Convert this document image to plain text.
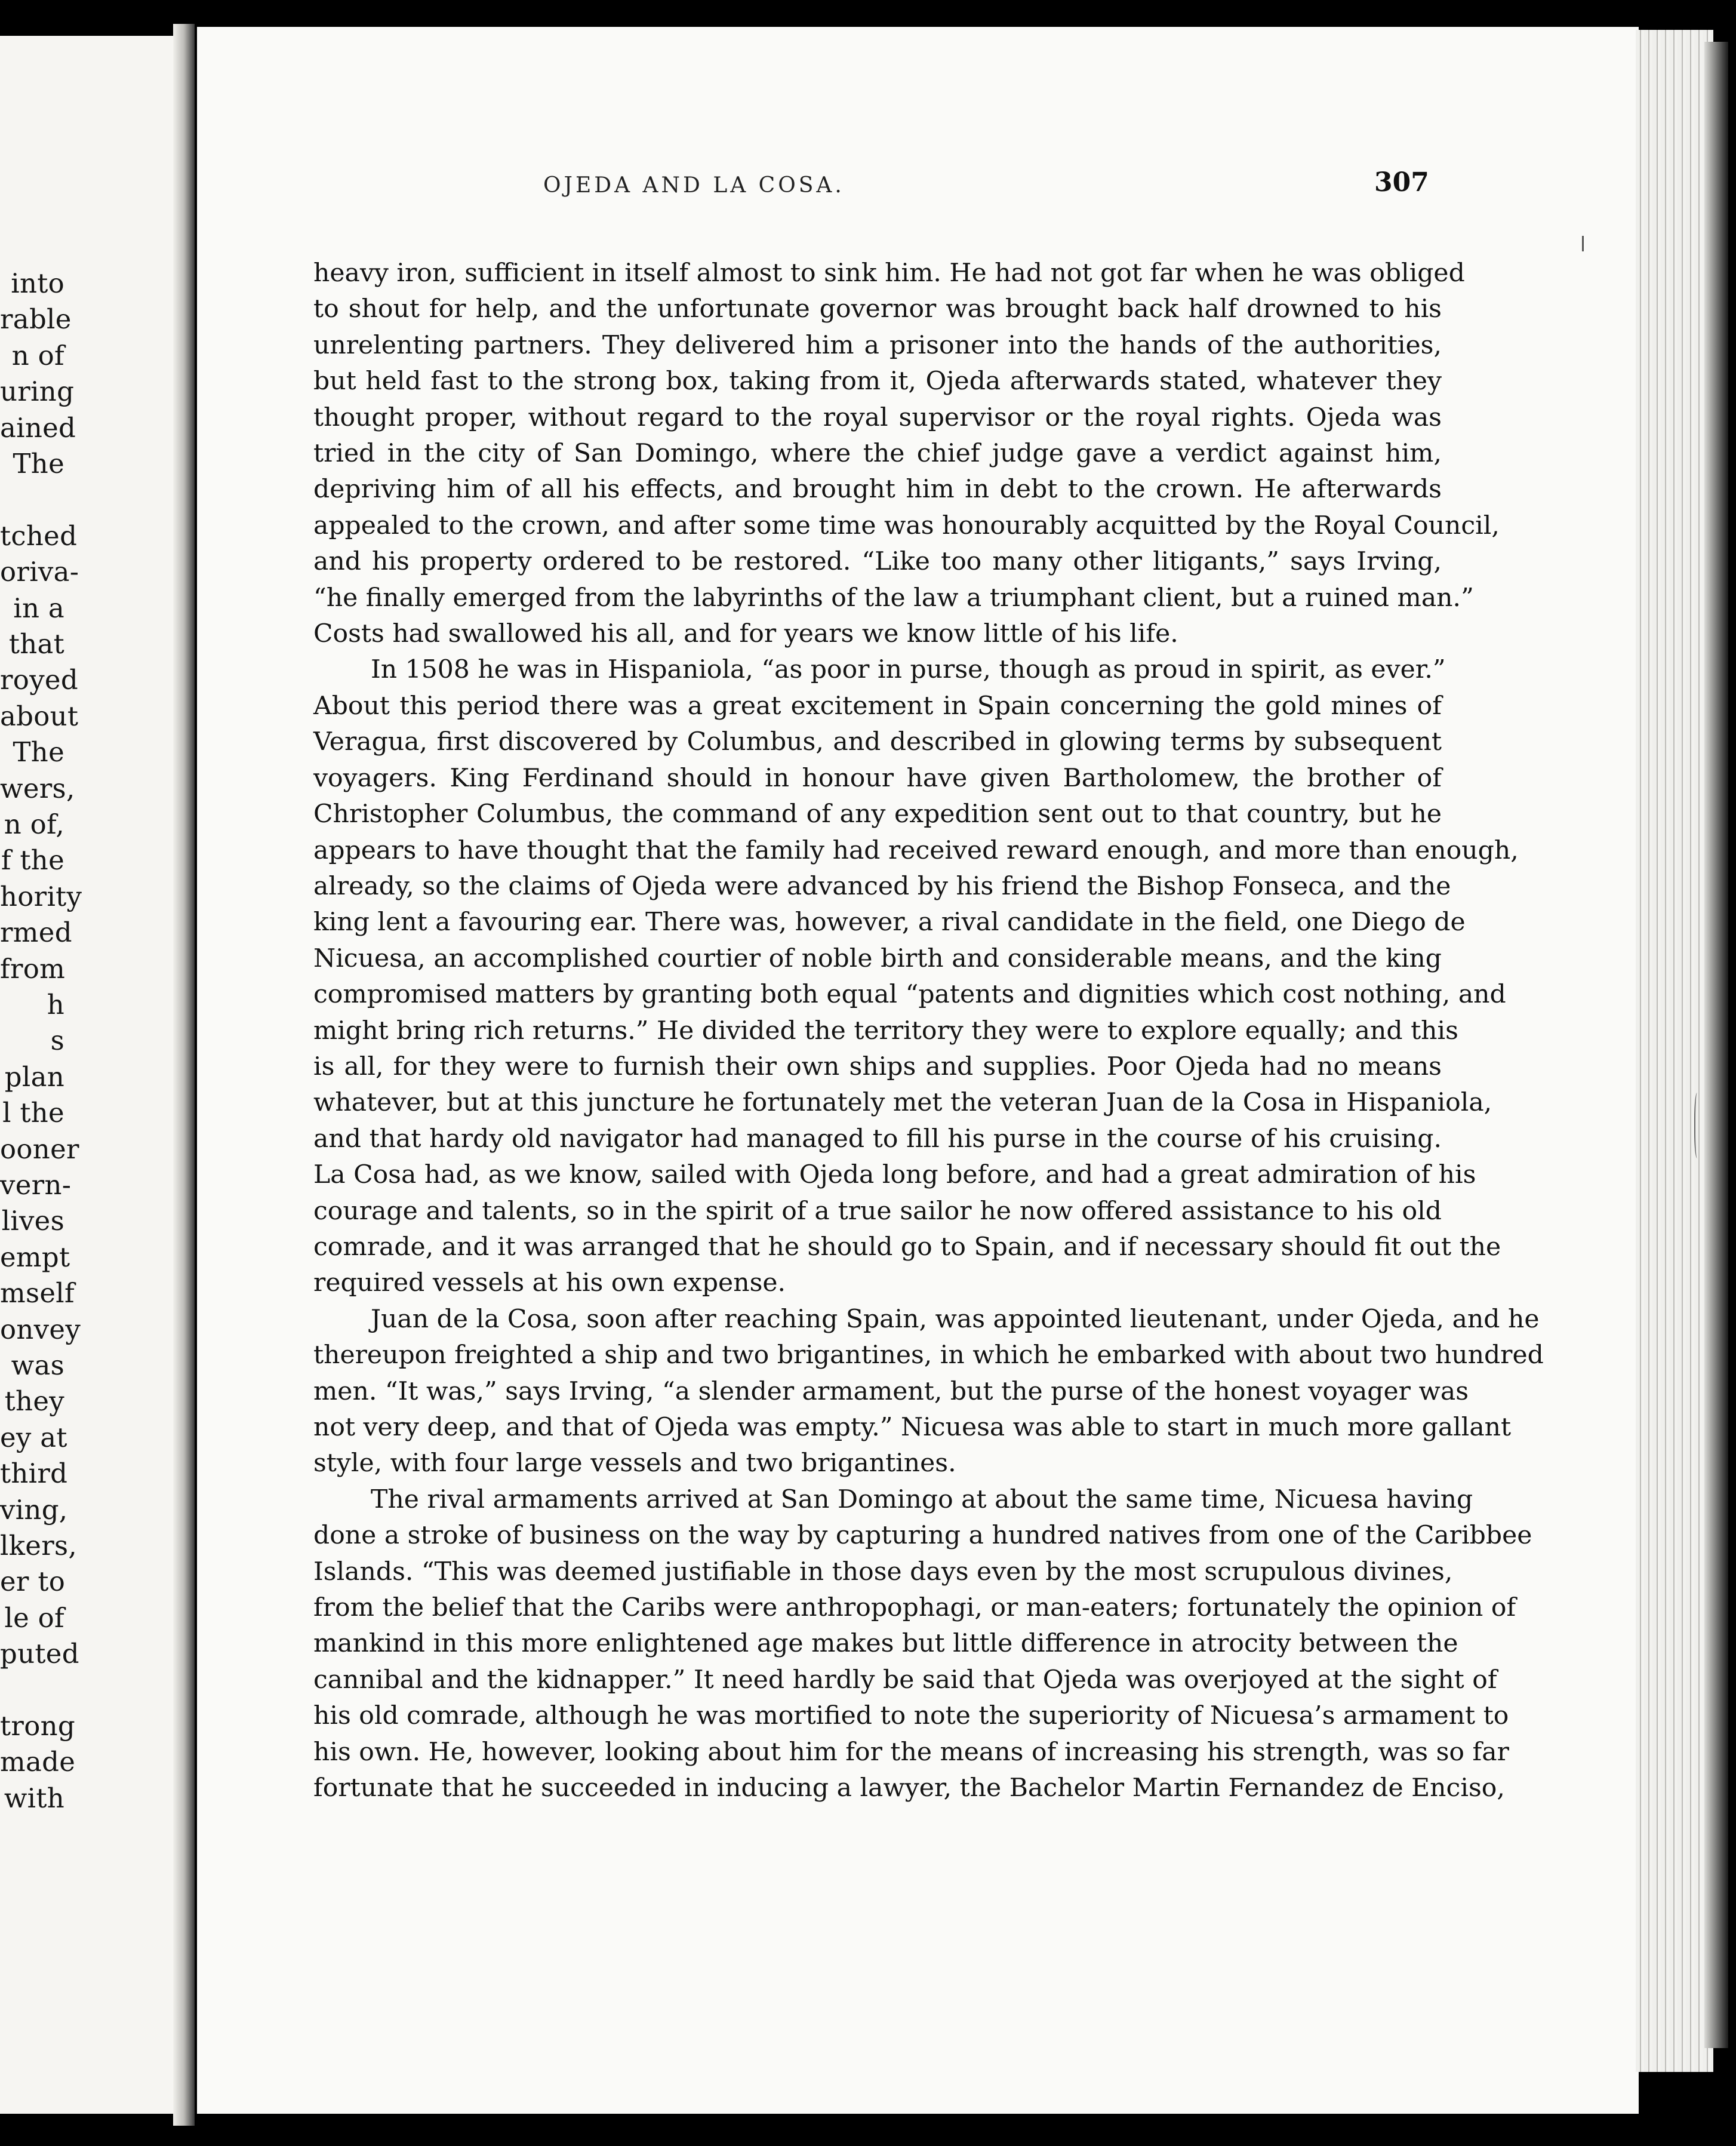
into
rable
n of
uring
ained
The
tched
oriva-
in a
that
royed
about
The
wers,
n of,
f the
hority
rmed
from
h
s
plan
l the
ooner
vern-
lives
empt
mself
onvey
was
they
ey at
third
ving,
lkers,
er to
le of
puted
trong
made
with
OJEDA AND LA COSA.	307
heavy iron, sufficient in itself almost to sink him. He had not got far when he was obliged
to shout for help, and the unfortunate governor was brought back half drowned to his
unrelenting partners. They delivered him a prisoner into the hands of the authorities,
but held fast to the strong box, taking from it, Ojeda afterwards stated, whatever they
thought proper, without regard to the royal supervisor or the royal rights. Ojeda was
tried in the city of San Domingo, where the chief judge gave a verdict against him,
depriving him of all his effects, and brought him in debt to the crown. He afterwards
appealed to the crown, and after some time was honourably acquitted by the Royal Council,
and his property ordered to be restored. “Like too many other litigants,” says Irving,
“he finally emerged from the labyrinths of the law a triumphant client, but a ruined man.”
Costs had swallowed his all, and for years we know little of his life.
In 1508 he was in Hispaniola, “as poor in purse, though as proud in spirit, as ever.”
About this period there was a great excitement in Spain concerning the gold mines of
Veragua, first discovered by Columbus, and described in glowing terms by subsequent
voyagers. King Ferdinand should in honour have given Bartholomew, the brother of
Christopher Columbus, the command of any expedition sent out to that country, but he
appears to have thought that the family had received reward enough, and more than enough,
already, so the claims of Ojeda were advanced by his friend the Bishop Fonseca, and the
king lent a favouring ear. There was, however, a rival candidate in the field, one Diego de
Nicuesa, an accomplished courtier of noble birth and considerable means, and the king
compromised matters by granting both equal “patents and dignities which cost nothing, and
might bring rich returns.” He divided the territory they were to explore equally; and this
is all, for they were to furnish their own ships and supplies. Poor Ojeda had no means
whatever, but at this juncture he fortunately met the veteran Juan de la Cosa in Hispaniola,
and that hardy old navigator had managed to fill his purse in the course of his cruising.
La Cosa had, as we know, sailed with Ojeda long before, and had a great admiration of his
courage and talents, so in the spirit of a true sailor he now offered assistance to his old
comrade, and it was arranged that he should go to Spain, and if necessary should fit out the
required vessels at his own expense.
Juan de la Cosa, soon after reaching Spain, was appointed lieutenant, under Ojeda, and he
thereupon freighted a ship and two brigantines, in which he embarked with about two hundred
men. “It was,” says Irving, “a slender armament, but the purse of the honest voyager was
not very deep, and that of Ojeda was empty.” Nicuesa was able to start in much more gallant
style, with four large vessels and two brigantines.
The rival armaments arrived at San Domingo at about the same time, Nicuesa having
done a stroke of business on the way by capturing a hundred natives from one of the Caribbee
Islands. “This was deemed justifiable in those days even by the most scrupulous divines,
from the belief that the Caribs were anthropophagi, or man-eaters; fortunately the opinion of
mankind in this more enlightened age makes but little difference in atrocity between the
cannibal and the kidnapper.” It need hardly be said that Ojeda was overjoyed at the sight of
his old comrade, although he was mortified to note the superiority of Nicuesa’s armament to
his own. He, however, looking about him for the means of increasing his strength, was so far
fortunate that he succeeded in inducing a lawyer, the Bachelor Martin Fernandez de Enciso,
